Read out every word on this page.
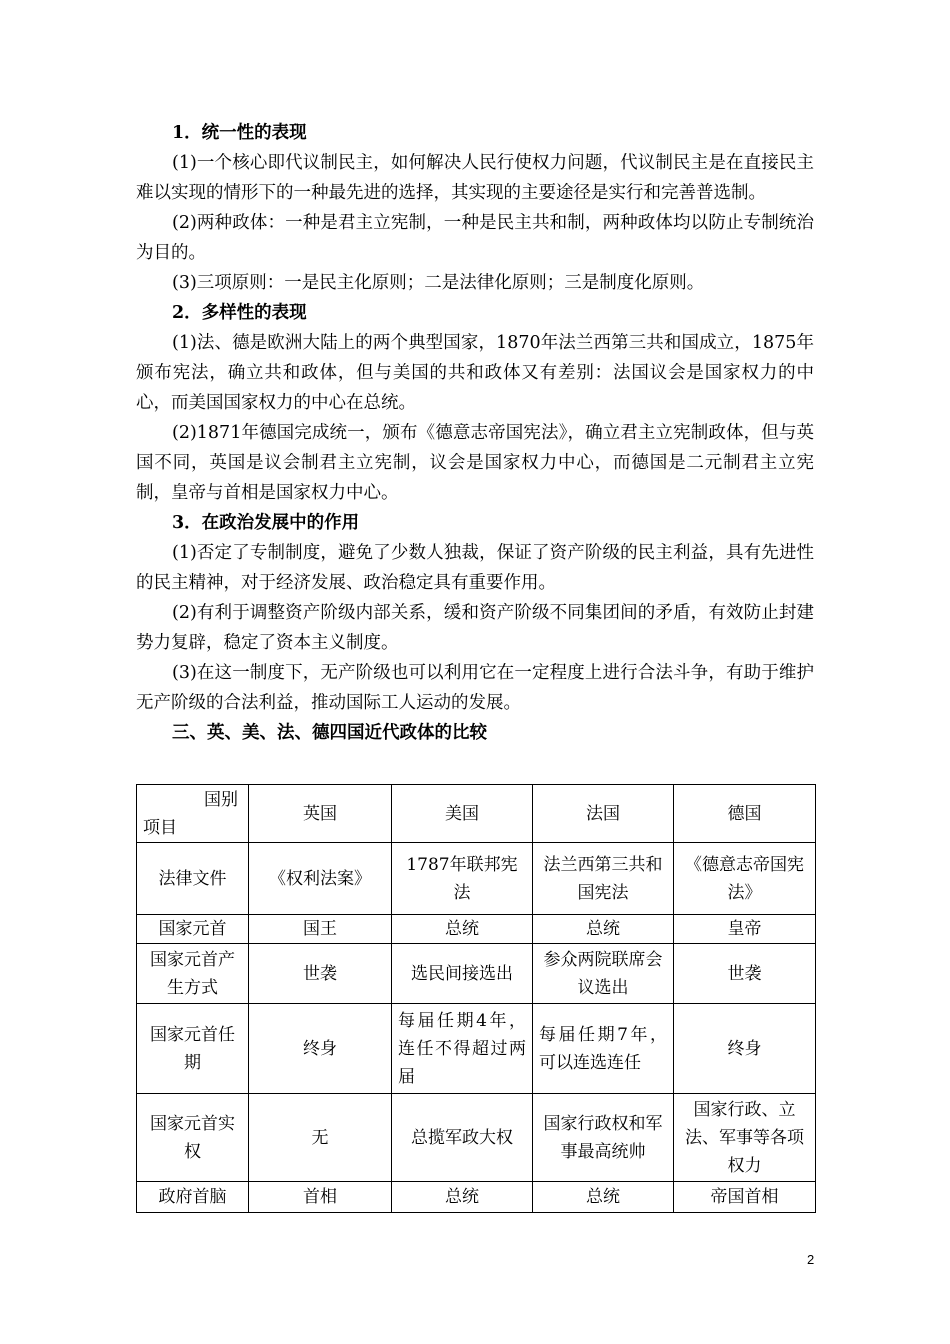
1．统一性的表现

(1)一个核心即代议制民主，如何解决人民行使权力问题，代议制民主是在直接民主难以实现的情形下的一种最先进的选择，其实现的主要途径是实行和完善普选制。

(2)两种政体：一种是君主立宪制，一种是民主共和制，两种政体均以防止专制统治为目的。

(3)三项原则：一是民主化原则；二是法律化原则；三是制度化原则。

2．多样性的表现

(1)法、德是欧洲大陆上的两个典型国家，1870年法兰西第三共和国成立，1875年颁布宪法，确立共和政体，但与美国的共和政体又有差别：法国议会是国家权力的中心，而美国国家权力的中心在总统。

(2)1871年德国完成统一，颁布《德意志帝国宪法》，确立君主立宪制政体，但与英国不同，英国是议会制君主立宪制，议会是国家权力中心，而德国是二元制君主立宪制，皇帝与首相是国家权力中心。

3．在政治发展中的作用

(1)否定了专制制度，避免了少数人独裁，保证了资产阶级的民主利益，具有先进性的民主精神，对于经济发展、政治稳定具有重要作用。

(2)有利于调整资产阶级内部关系，缓和资产阶级不同集团间的矛盾，有效防止封建势力复辟，稳定了资本主义制度。

(3)在这一制度下，无产阶级也可以利用它在一定程度上进行合法斗争，有助于维护无产阶级的合法利益，推动国际工人运动的发展。

三、英、美、法、德四国近代政体的比较

国别
项目	英国	美国	法国	德国
法律文件	《权利法案》	1787年联邦宪法	法兰西第三共和国宪法	《德意志帝国宪法》
国家元首	国王	总统	总统	皇帝
国家元首产生方式	世袭	选民间接选出	参众两院联席会议选出	世袭
国家元首任期	终身	每届任期4年，连任不得超过两届	每届任期7年，可以连选连任	终身
国家元首实权	无	总揽军政大权	国家行政权和军事最高统帅	国家行政、立法、军事等各项权力
政府首脑	首相	总统	总统	帝国首相
2
